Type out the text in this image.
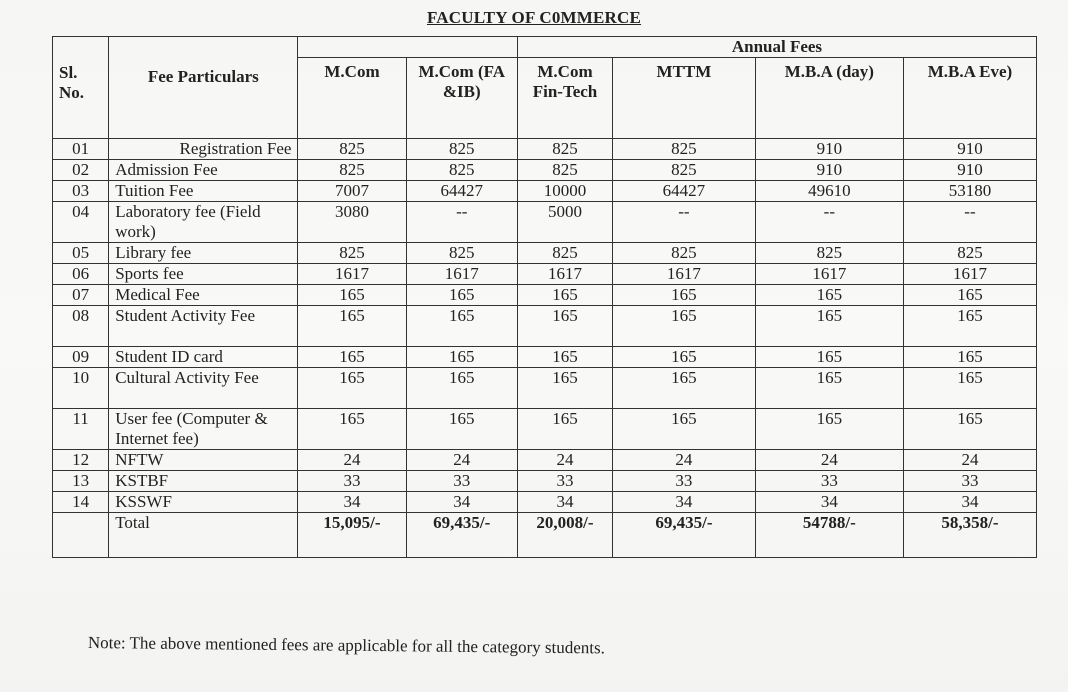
FACULTY OF C0MMERCE
Sl. No.	Fee Particulars			Annual Fees			
		M.Com	M.Com (FA &IB)	M.Com Fin-Tech	MTTM	M.B.A (day)	M.B.A Eve)
01	Registration Fee	825	825	825	825	910	910
02	Admission Fee	825	825	825	825	910	910
03	Tuition Fee	7007	64427	10000	64427	49610	53180
04	Laboratory fee (Field work)	3080	--	5000	--	--	--
05	Library fee	825	825	825	825	825	825
06	Sports fee	1617	1617	1617	1617	1617	1617
07	Medical Fee	165	165	165	165	165	165
08	Student Activity Fee	165	165	165	165	165	165
09	Student ID card	165	165	165	165	165	165
10	Cultural Activity Fee	165	165	165	165	165	165
11	User fee (Computer & Internet fee)	165	165	165	165	165	165
12	NFTW	24	24	24	24	24	24
13	KSTBF	33	33	33	33	33	33
14	KSSWF	34	34	34	34	34	34
	Total	15,095/-	69,435/-	20,008/-	69,435/-	54788/-	58,358/-
Note: The above mentioned fees are applicable for all the category students.
